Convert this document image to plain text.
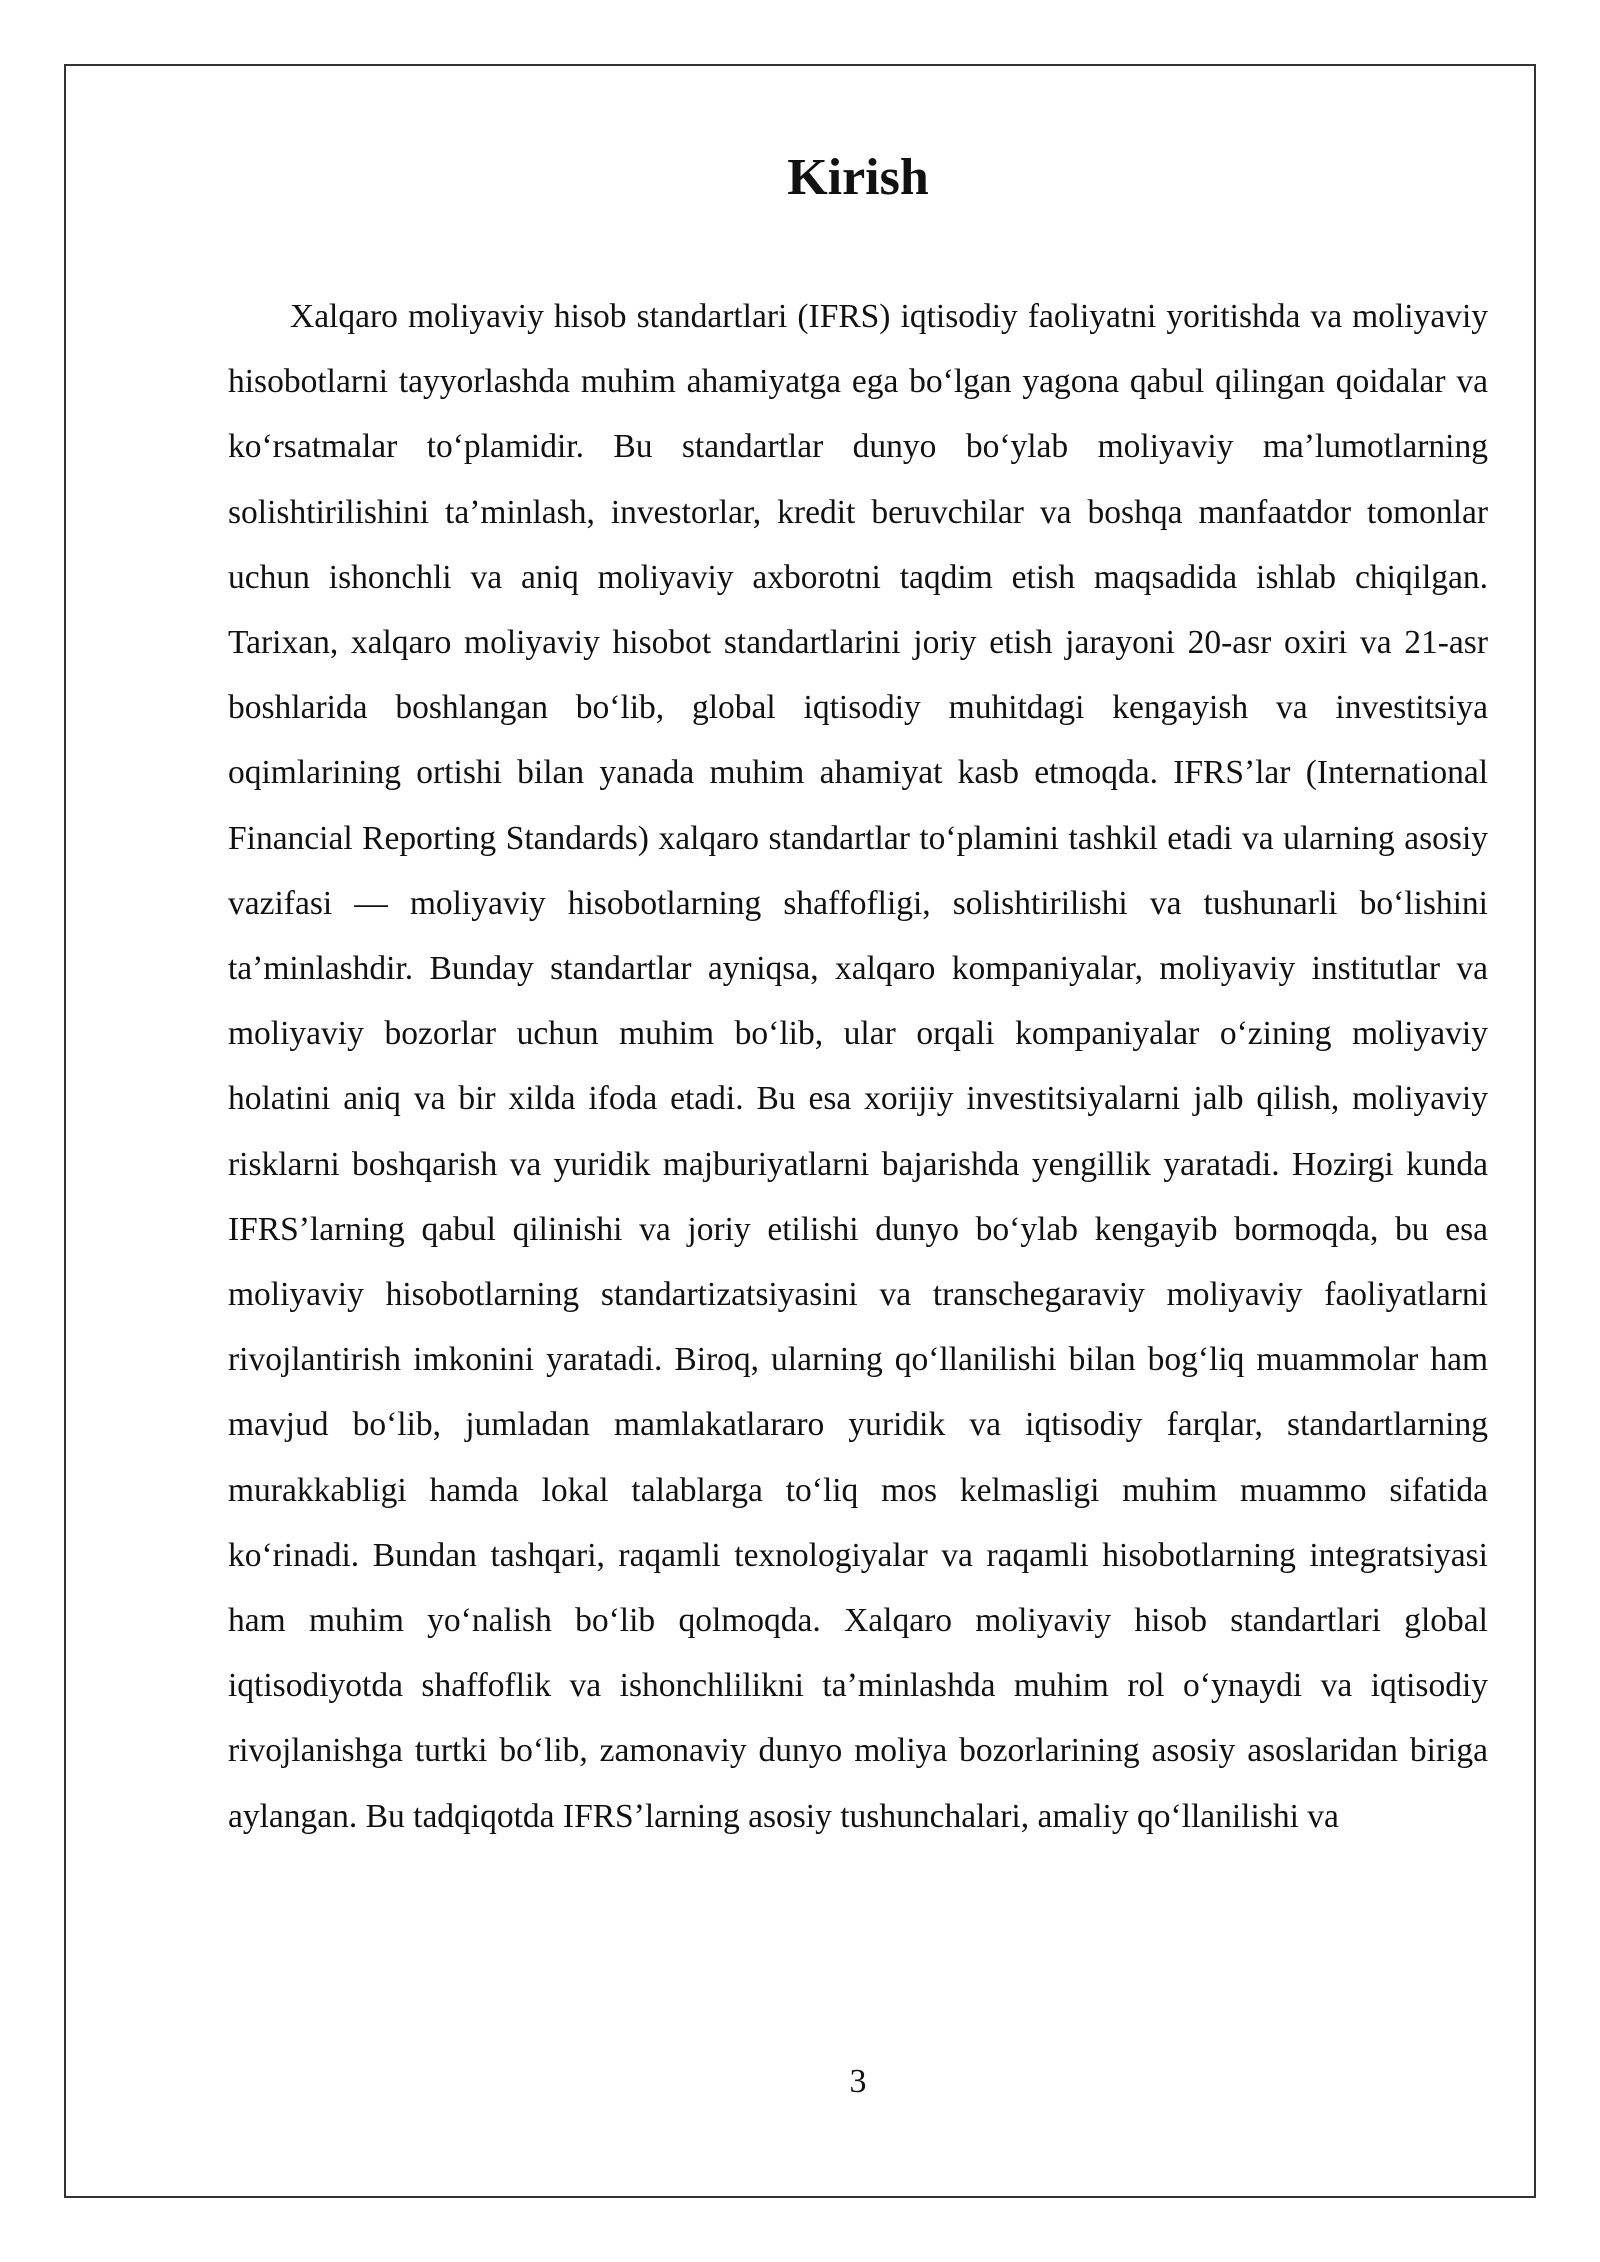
Kirish

Xalqaro moliyaviy hisob standartlari (IFRS) iqtisodiy faoliyatni yoritishda va moliyaviy hisobotlarni tayyorlashda muhim ahamiyatga ega boʻlgan yagona qabul qilingan qoidalar va koʻrsatmalar toʻplamidir. Bu standartlar dunyo boʻylab moliyaviy maʼlumotlarning solishtirilishini taʼminlash, investorlar, kredit beruvchilar va boshqa manfaatdor tomonlar uchun ishonchli va aniq moliyaviy axborotni taqdim etish maqsadida ishlab chiqilgan. Tarixan, xalqaro moliyaviy hisobot standartlarini joriy etish jarayoni 20-asr oxiri va 21-asr boshlarida boshlangan boʻlib, global iqtisodiy muhitdagi kengayish va investitsiya oqimlarining ortishi bilan yanada muhim ahamiyat kasb etmoqda. IFRSʼlar (International Financial Reporting Standards) xalqaro standartlar toʻplamini tashkil etadi va ularning asosiy vazifasi — moliyaviy hisobotlarning shaffofligi, solishtirilishi va tushunarli boʻlishini taʼminlashdir. Bunday standartlar ayniqsa, xalqaro kompaniyalar, moliyaviy institutlar va moliyaviy bozorlar uchun muhim boʻlib, ular orqali kompaniyalar oʻzining moliyaviy holatini aniq va bir xilda ifoda etadi. Bu esa xorijiy investitsiyalarni jalb qilish, moliyaviy risklarni boshqarish va yuridik majburiyatlarni bajarishda yengillik yaratadi. Hozirgi kunda IFRSʼlarning qabul qilinishi va joriy etilishi dunyo boʻylab kengayib bormoqda, bu esa moliyaviy hisobotlarning standartizatsiyasini va transchegaraviy moliyaviy faoliyatlarni rivojlantirish imkonini yaratadi. Biroq, ularning qoʻllanilishi bilan bogʻliq muammolar ham mavjud boʻlib, jumladan mamlakatlararo yuridik va iqtisodiy farqlar, standartlarning murakkabligi hamda lokal talablarga toʻliq mos kelmasligi muhim muammo sifatida koʻrinadi. Bundan tashqari, raqamli texnologiyalar va raqamli hisobotlarning integratsiyasi ham muhim yoʻnalish boʻlib qolmoqda. Xalqaro moliyaviy hisob standartlari global iqtisodiyotda shaffoflik va ishonchlilikni taʼminlashda muhim rol oʻynaydi va iqtisodiy rivojlanishga turtki boʻlib, zamonaviy dunyo moliya bozorlarining asosiy asoslaridan biriga aylangan. Bu tadqiqotda IFRSʼlarning asosiy tushunchalari, amaliy qoʻllanilishi va

3
